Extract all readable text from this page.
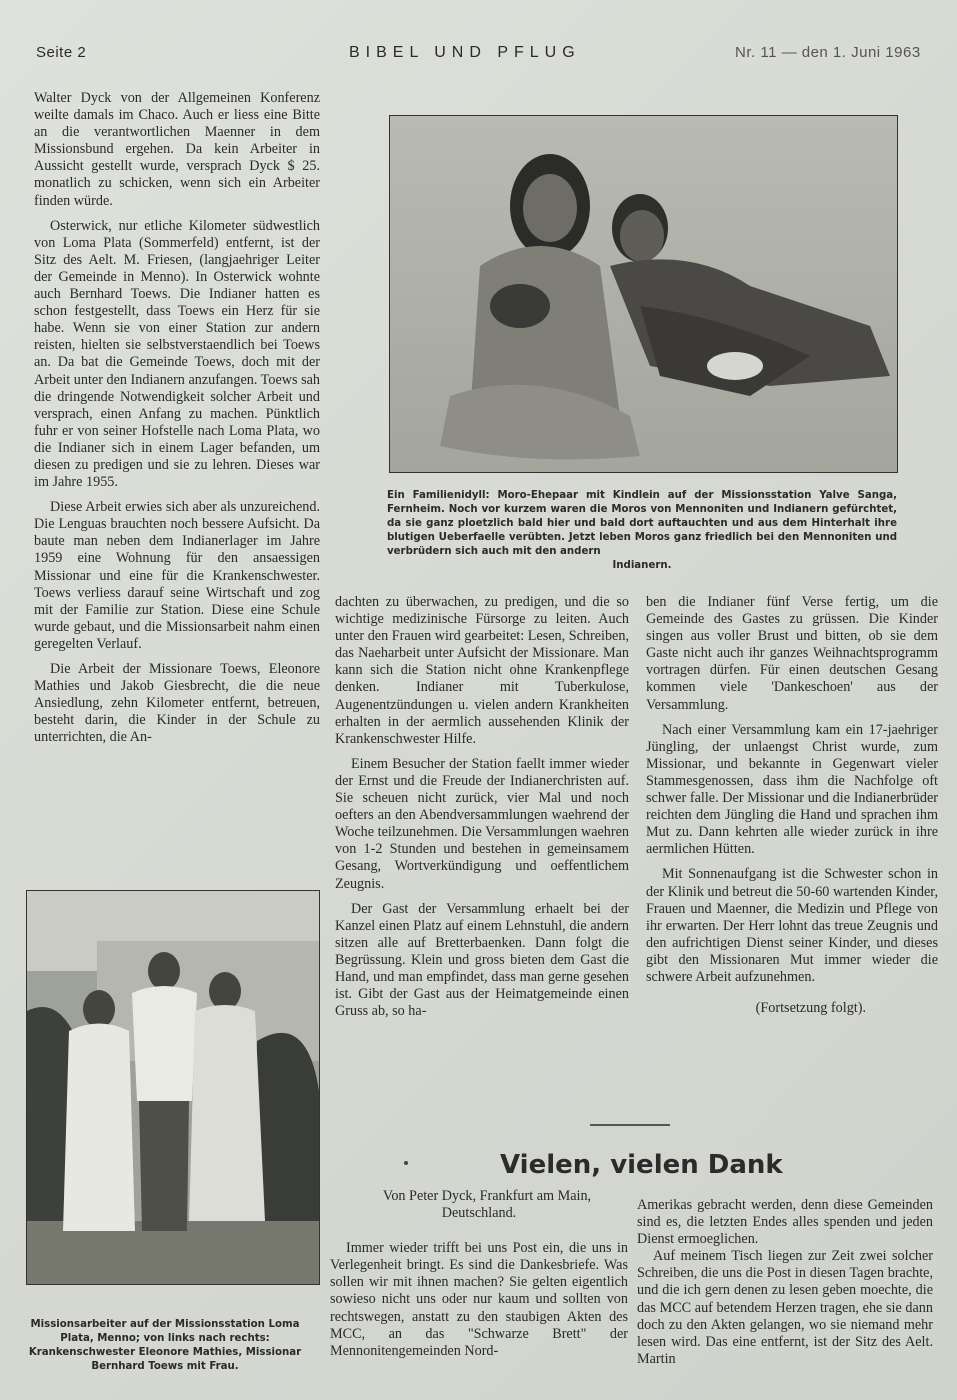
Seite 2	BIBEL UND PFLUG	Nr. 11 — den 1. Juni 1963

Walter Dyck von der Allgemeinen Konferenz weilte damals im Chaco. Auch er liess eine Bitte an die verantwortlichen Maenner in dem Missionsbund ergehen. Da kein Arbeiter in Aussicht gestellt wurde, versprach Dyck $ 25. monatlich zu schicken, wenn sich ein Arbeiter finden würde.

Osterwick, nur etliche Kilometer südwestlich von Loma Plata (Sommerfeld) entfernt, ist der Sitz des Aelt. M. Friesen, (langjaehriger Leiter der Gemeinde in Menno). In Osterwick wohnte auch Bernhard Toews. Die Indianer hatten es schon festgestellt, dass Toews ein Herz für sie habe. Wenn sie von einer Station zur andern reisten, hielten sie selbstverstaendlich bei Toews an. Da bat die Gemeinde Toews, doch mit der Arbeit unter den Indianern anzufangen. Toews sah die dringende Notwendigkeit solcher Arbeit und versprach, einen Anfang zu machen. Pünktlich fuhr er von seiner Hofstelle nach Loma Plata, wo die Indianer sich in einem Lager befanden, um diesen zu predigen und sie zu lehren. Dieses war im Jahre 1955.

Diese Arbeit erwies sich aber als unzureichend. Die Lenguas brauchten noch bessere Aufsicht. Da baute man neben dem Indianerlager im Jahre 1959 eine Wohnung für den ansaessigen Missionar und eine für die Krankenschwester. Toews verliess darauf seine Wirtschaft und zog mit der Familie zur Station. Diese eine Schule wurde gebaut, und die Missionsarbeit nahm einen geregelten Verlauf.

Die Arbeit der Missionare Toews, Eleonore Mathies und Jakob Giesbrecht, die die neue Ansiedlung, zehn Kilometer entfernt, betreuen, besteht darin, die Kinder in der Schule zu unterrichten, die An-

Ein Familienidyll: Moro-Ehepaar mit Kindlein auf der Missionsstation Yalve Sanga, Fernheim. Noch vor kurzem waren die Moros von Mennoniten und Indianern gefürchtet, da sie ganz ploetzlich bald hier und bald dort auftauchten und aus dem Hinterhalt ihre blutigen Ueberfaelle verübten. Jetzt leben Moros ganz friedlich bei den Mennoniten und verbrüdern sich auch mit den andern
Indianern.

dachten zu überwachen, zu predigen, und die so wichtige medizinische Fürsorge zu leiten. Auch unter den Frauen wird gearbeitet: Lesen, Schreiben, das Naeharbeit unter Aufsicht der Missionare. Man kann sich die Station nicht ohne Krankenpflege denken. Indianer mit Tuberkulose, Augenentzündungen u. vielen andern Krankheiten erhalten in der aermlich aussehenden Klinik der Krankenschwester Hilfe.

Einem Besucher der Station faellt immer wieder der Ernst und die Freude der Indianerchristen auf. Sie scheuen nicht zurück, vier Mal und noch oefters an den Abendversammlungen waehrend der Woche teilzunehmen. Die Versammlungen waehren von 1-2 Stunden und bestehen in gemeinsamem Gesang, Wortverkündigung und oeffentlichem Zeugnis.

Der Gast der Versammlung erhaelt bei der Kanzel einen Platz auf einem Lehnstuhl, die andern sitzen alle auf Bretterbaenken. Dann folgt die Begrüssung. Klein und gross bieten dem Gast die Hand, und man empfindet, dass man gerne gesehen ist. Gibt der Gast aus der Heimatgemeinde einen Gruss ab, so ha-

ben die Indianer fünf Verse fertig, um die Gemeinde des Gastes zu grüssen. Die Kinder singen aus voller Brust und bitten, ob sie dem Gaste nicht auch ihr ganzes Weihnachtsprogramm vortragen dürfen. Für einen deutschen Gesang kommen viele 'Dankeschoen' aus der Versammlung.

Nach einer Versammlung kam ein 17-jaehriger Jüngling, der unlaengst Christ wurde, zum Missionar, und bekannte in Gegenwart vieler Stammesgenossen, dass ihm die Nachfolge oft schwer falle. Der Missionar und die Indianerbrüder reichten dem Jüngling die Hand und sprachen ihm Mut zu. Dann kehrten alle wieder zurück in ihre aermlichen Hütten.

Mit Sonnenaufgang ist die Schwester schon in der Klinik und betreut die 50-60 wartenden Kinder, Frauen und Maenner, die Medizin und Pflege von ihr erwarten. Der Herr lohnt das treue Zeugnis und den aufrichtigen Dienst seiner Kinder, und dieses gibt den Missionaren Mut immer wieder die schwere Arbeit aufzunehmen.

(Fortsetzung folgt).

Missionsarbeiter auf der Missionsstation Loma Plata, Menno; von links nach rechts: Krankenschwester Eleonore Mathies, Missionar Bernhard Toews mit Frau.
Vielen, vielen Dank

Von Peter Dyck, Frankfurt am Main, Deutschland.

Immer wieder trifft bei uns Post ein, die uns in Verlegenheit bringt. Es sind die Dankesbriefe. Was sollen wir mit ihnen machen? Sie gelten eigentlich sowieso nicht uns oder nur kaum und sollten von rechtswegen, anstatt zu den staubigen Akten des MCC, an das "Schwarze Brett" der Mennonitengemeinden Nord-

Amerikas gebracht werden, denn diese Gemeinden sind es, die letzten Endes alles spenden und jeden Dienst ermoeglichen.

Auf meinem Tisch liegen zur Zeit zwei solcher Schreiben, die uns die Post in diesen Tagen brachte, und die ich gern denen zu lesen geben moechte, die das MCC auf betendem Herzen tragen, ehe sie dann doch zu den Akten gelangen, wo sie niemand mehr lesen wird. Das eine entfernt, ist der Sitz des Aelt. Martin
